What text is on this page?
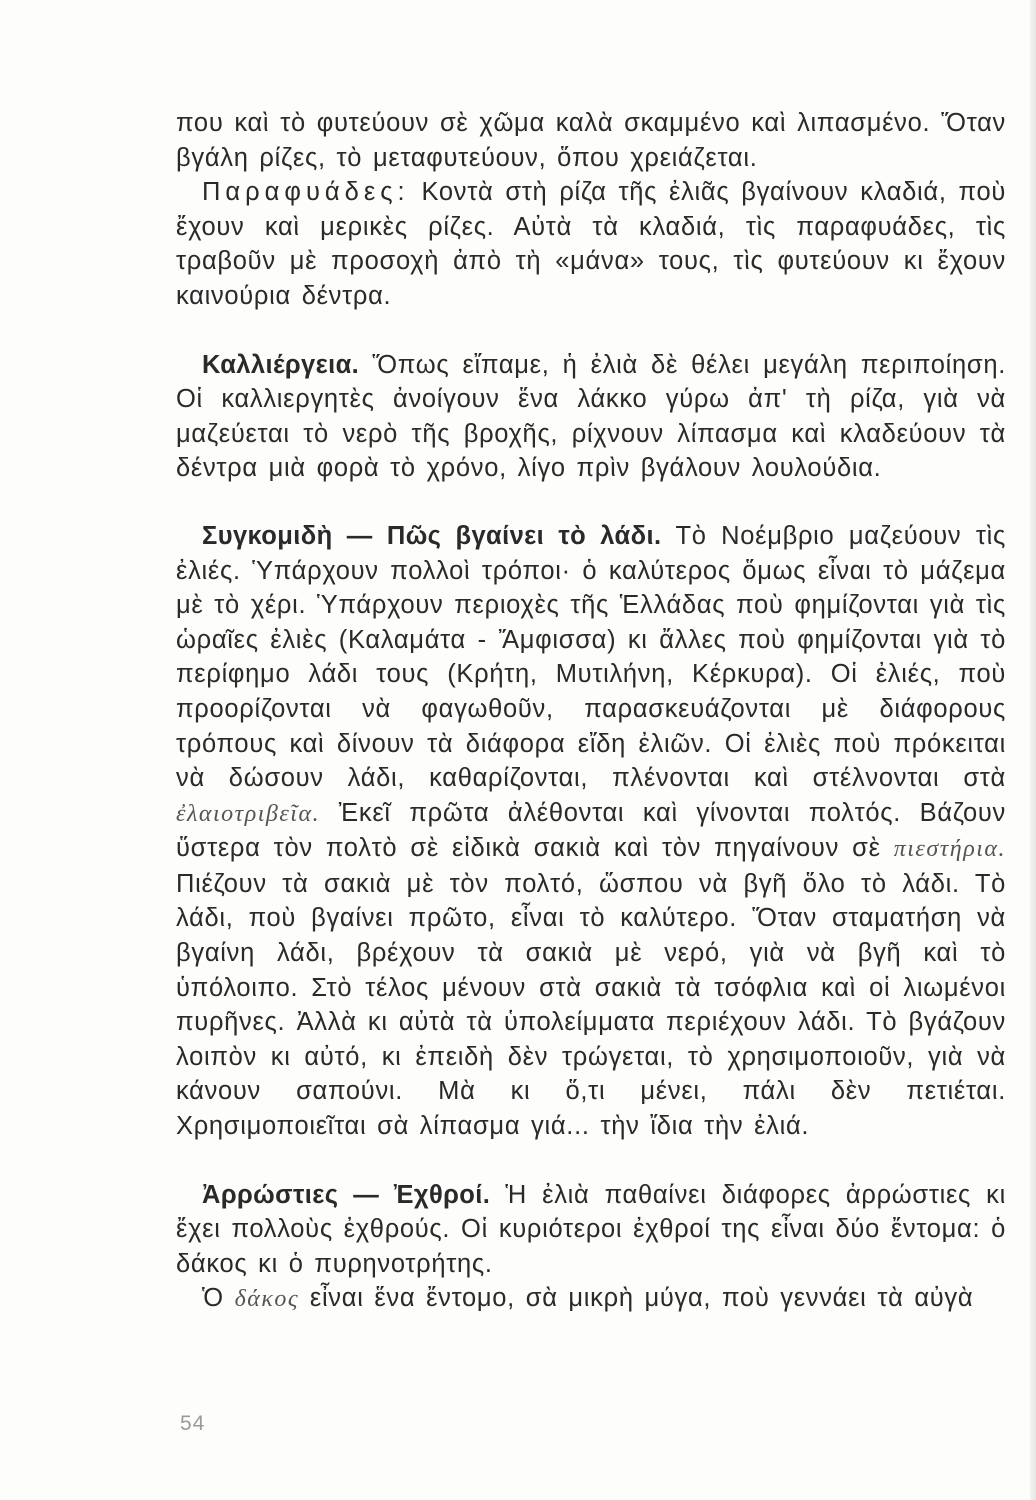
που καὶ τὸ φυτεύουν σὲ χῶμα καλὰ σκαμμένο καὶ λιπασμένο. Ὅταν βγάλη ρίζες, τὸ μεταφυτεύουν, ὅπου χρειάζεται.

Παραφυάδες: Κοντὰ στὴ ρίζα τῆς ἐλιᾶς βγαίνουν κλαδιά, ποὺ ἔχουν καὶ μερικὲς ρίζες. Αὐτὰ τὰ κλαδιά, τὶς παραφυάδες, τὶς τραβοῦν μὲ προσοχὴ ἀπὸ τὴ «μάνα» τους, τὶς φυτεύουν κι ἔχουν καινούρια δέντρα.

Καλλιέργεια. Ὅπως εἴπαμε, ἡ ἐλιὰ δὲ θέλει μεγάλη περιποίηση. Οἱ καλλιεργητὲς ἀνοίγουν ἕνα λάκκο γύρω ἀπ' τὴ ρίζα, γιὰ νὰ μαζεύεται τὸ νερὸ τῆς βροχῆς, ρίχνουν λίπασμα καὶ κλαδεύουν τὰ δέντρα μιὰ φορὰ τὸ χρόνο, λίγο πρὶν βγάλουν λουλούδια.

Συγκομιδὴ — Πῶς βγαίνει τὸ λάδι. Τὸ Νοέμβριο μαζεύουν τὶς ἐλιές. Ὑπάρχουν πολλοὶ τρόποι· ὁ καλύτερος ὅμως εἶναι τὸ μάζεμα μὲ τὸ χέρι. Ὑπάρχουν περιοχὲς τῆς Ἑλλάδας ποὺ φημίζονται γιὰ τὶς ὡραῖες ἐλιὲς (Καλαμάτα - Ἄμφισσα) κι ἄλλες ποὺ φημίζονται γιὰ τὸ περίφημο λάδι τους (Κρήτη, Μυτιλήνη, Κέρκυρα). Οἱ ἐλιές, ποὺ προορίζονται νὰ φαγωθοῦν, παρασκευάζονται μὲ διάφορους τρόπους καὶ δίνουν τὰ διάφορα εἴδη ἐλιῶν. Οἱ ἐλιὲς ποὺ πρόκειται νὰ δώσουν λάδι, καθαρίζονται, πλένονται καὶ στέλνονται στὰ ἐλαιοτριβεῖα. Ἐκεῖ πρῶτα ἀλέθονται καὶ γίνονται πολτός. Βάζουν ὕστερα τὸν πολτὸ σὲ εἰδικὰ σακιὰ καὶ τὸν πηγαίνουν σὲ πιεστήρια. Πιέζουν τὰ σακιὰ μὲ τὸν πολτό, ὥσπου νὰ βγῆ ὅλο τὸ λάδι. Τὸ λάδι, ποὺ βγαίνει πρῶτο, εἶναι τὸ καλύτερο. Ὅταν σταματήση νὰ βγαίνη λάδι, βρέχουν τὰ σακιὰ μὲ νερό, γιὰ νὰ βγῆ καὶ τὸ ὑπόλοιπο. Στὸ τέλος μένουν στὰ σακιὰ τὰ τσόφλια καὶ οἱ λιωμένοι πυρῆνες. Ἀλλὰ κι αὐτὰ τὰ ὑπολείμματα περιέχουν λάδι. Τὸ βγάζουν λοιπὸν κι αὐτό, κι ἐπειδὴ δὲν τρώγεται, τὸ χρησιμοποιοῦν, γιὰ νὰ κάνουν σαπούνι. Μὰ κι ὅ,τι μένει, πάλι δὲν πετιέται. Χρησιμοποιεῖται σὰ λίπασμα γιά... τὴν ἴδια τὴν ἐλιά.

Ἀρρώστιες — Ἐχθροί. Ἡ ἐλιὰ παθαίνει διάφορες ἀρρώστιες κι ἔχει πολλοὺς ἐχθρούς. Οἱ κυριότεροι ἐχθροί της εἶναι δύο ἔντομα: ὁ δάκος κι ὁ πυρηνοτρήτης.

Ὁ δάκος εἶναι ἕνα ἔντομο, σὰ μικρὴ μύγα, ποὺ γεννάει τὰ αὐγὰ

54
